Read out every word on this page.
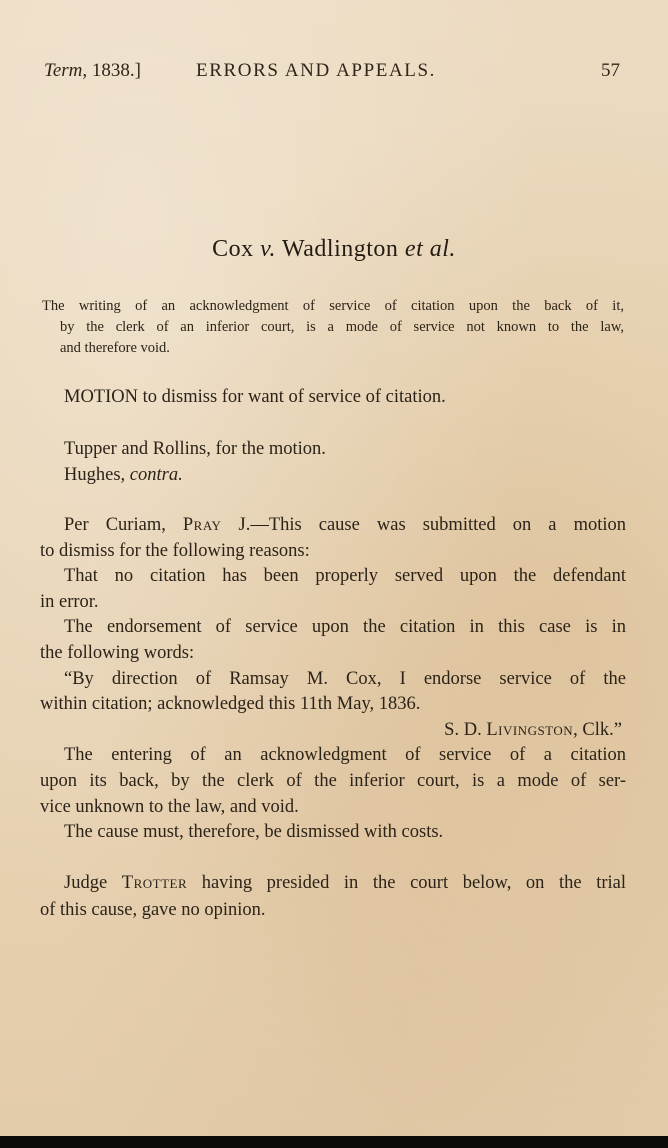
Term, 1838.]	ERRORS AND APPEALS.	57
Cox v. Wadlington et al.
The writing of an acknowledgment of service of citation upon the back of it,
by the clerk of an inferior court, is a mode of service not known to the law,
and therefore void.
MOTION to dismiss for want of service of citation.
Tupper and Rollins, for the motion.
Hughes, contra.
Per Curiam, Pray J.—This cause was submitted on a motion
to dismiss for the following reasons:
That no citation has been properly served upon the defendant
in error.
The endorsement of service upon the citation in this case is in
the following words:
“By direction of Ramsay M. Cox, I endorse service of the
within citation; acknowledged this 11th May, 1836.
S. D. Livingston, Clk.”
The entering of an acknowledgment of service of a citation
upon its back, by the clerk of the inferior court, is a mode of ser-
vice unknown to the law, and void.
The cause must, therefore, be dismissed with costs.
Judge Trotter having presided in the court below, on the trial
of this cause, gave no opinion.
